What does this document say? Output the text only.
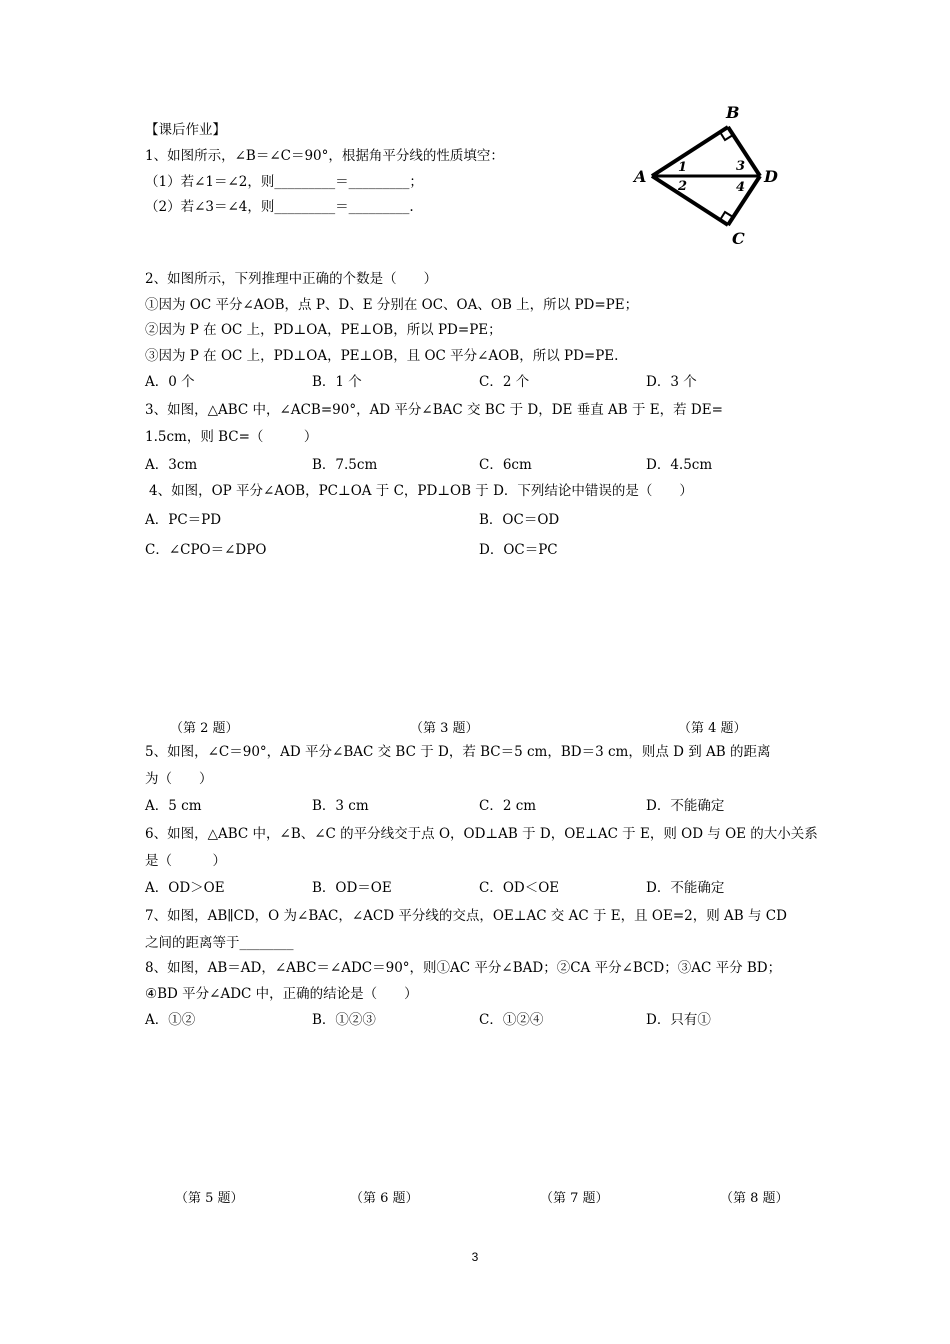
【课后作业】
1、如图所示，∠B＝∠C＝90°，根据角平分线的性质填空：
（1）若∠1＝∠2，则_________＝_________；
（2）若∠3＝∠4，则_________＝_________.
A
B
C
D
1
2
3
4
2、如图所示，下列推理中正确的个数是（　　）
①因为 OC 平分∠AOB，点 P、D、E 分别在 OC、OA、OB 上，所以 PD=PE；
②因为 P 在 OC 上，PD⊥OA，PE⊥OB，所以 PD=PE；
③因为 P 在 OC 上，PD⊥OA，PE⊥OB，且 OC 平分∠AOB，所以 PD=PE.
A．0 个	B．1 个	C．2 个	D．3 个
3、如图，△ABC 中，∠ACB=90°，AD 平分∠BAC 交 BC 于 D，DE 垂直 AB 于 E，若 DE=
1.5cm，则 BC=（　　　）
A．3cm	B．7.5cm	C．6cm	D．4.5cm
4、如图，OP 平分∠AOB，PC⊥OA 于 C，PD⊥OB 于 D．下列结论中错误的是（　　）
A．PC＝PD	B．OC＝OD
C．∠CPO＝∠DPO	D．OC＝PC
（第 2 题）	（第 3 题）	（第 4 题）
5、如图，∠C＝90°，AD 平分∠BAC 交 BC 于 D，若 BC＝5 cm，BD＝3 cm，则点 D 到 AB 的距离
为（　　）
A．5 cm	B．3 cm	C．2 cm	D．不能确定
6、如图，△ABC 中，∠B、∠C 的平分线交于点 O，OD⊥AB 于 D，OE⊥AC 于 E，则 OD 与 OE 的大小关系
是（　　　）
A．OD＞OE	B．OD＝OE	C．OD＜OE	D．不能确定
7、如图，AB∥CD，O 为∠BAC，∠ACD 平分线的交点，OE⊥AC 交 AC 于 E，且 OE=2，则 AB 与 CD
之间的距离等于________
8、如图，AB＝AD，∠ABC＝∠ADC＝90°，则①AC 平分∠BAD；②CA 平分∠BCD；③AC 平分 BD；
④BD 平分∠ADC 中，正确的结论是（　　）
A．①②	B．①②③	C．①②④	D．只有①
（第 5 题）	（第 6 题）	（第 7 题）	（第 8 题）
3
